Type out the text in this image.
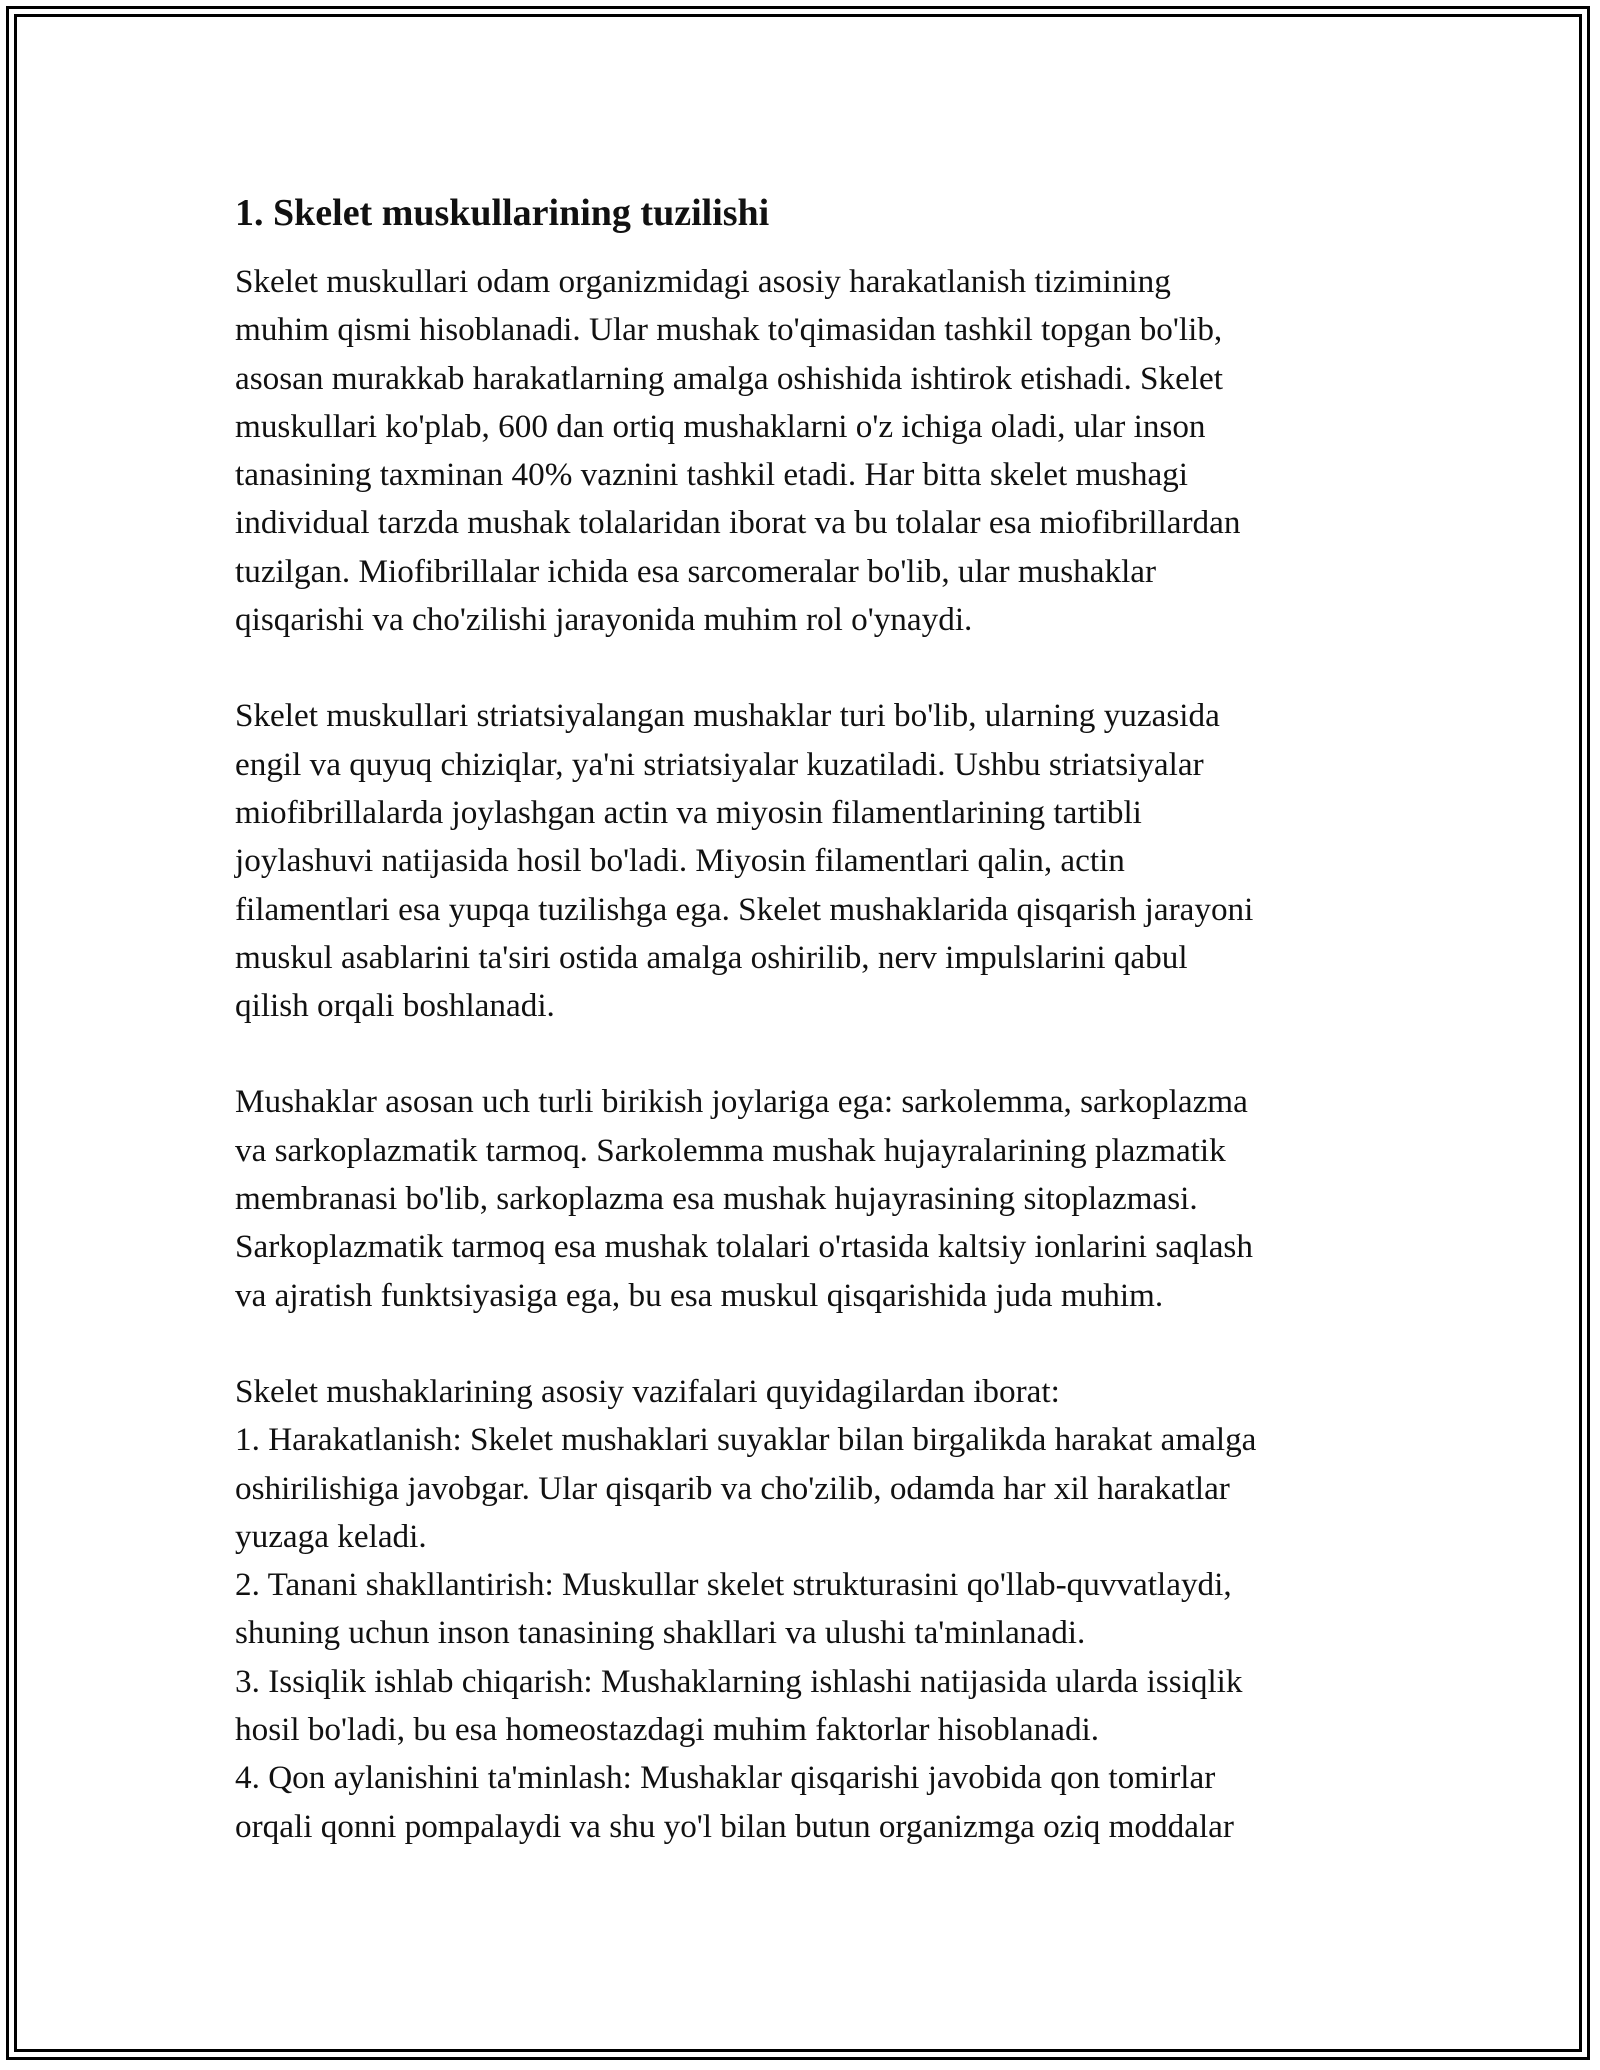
1. Skelet muskullarining tuzilishi

Skelet muskullari odam organizmidagi asosiy harakatlanish tizimining
muhim qismi hisoblanadi. Ular mushak to'qimasidan tashkil topgan bo'lib,
asosan murakkab harakatlarning amalga oshishida ishtirok etishadi. Skelet
muskullari ko'plab, 600 dan ortiq mushaklarni o'z ichiga oladi, ular inson
tanasining taxminan 40% vaznini tashkil etadi. Har bitta skelet mushagi
individual tarzda mushak tolalaridan iborat va bu tolalar esa miofibrillardan
tuzilgan. Miofibrillalar ichida esa sarcomeralar bo'lib, ular mushaklar
qisqarishi va cho'zilishi jarayonida muhim rol o'ynaydi.

Skelet muskullari striatsiyalangan mushaklar turi bo'lib, ularning yuzasida
engil va quyuq chiziqlar, ya'ni striatsiyalar kuzatiladi. Ushbu striatsiyalar
miofibrillalarda joylashgan actin va miyosin filamentlarining tartibli
joylashuvi natijasida hosil bo'ladi. Miyosin filamentlari qalin, actin
filamentlari esa yupqa tuzilishga ega. Skelet mushaklarida qisqarish jarayoni
muskul asablarini ta'siri ostida amalga oshirilib, nerv impulslarini qabul
qilish orqali boshlanadi.

Mushaklar asosan uch turli birikish joylariga ega: sarkolemma, sarkoplazma
va sarkoplazmatik tarmoq. Sarkolemma mushak hujayralarining plazmatik
membranasi bo'lib, sarkoplazma esa mushak hujayrasining sitoplazmasi.
Sarkoplazmatik tarmoq esa mushak tolalari o'rtasida kaltsiy ionlarini saqlash
va ajratish funktsiyasiga ega, bu esa muskul qisqarishida juda muhim.

Skelet mushaklarining asosiy vazifalari quyidagilardan iborat:
1. Harakatlanish: Skelet mushaklari suyaklar bilan birgalikda harakat amalga
oshirilishiga javobgar. Ular qisqarib va cho'zilib, odamda har xil harakatlar
yuzaga keladi.
2. Tanani shakllantirish: Muskullar skelet strukturasini qo'llab-quvvatlaydi,
shuning uchun inson tanasining shakllari va ulushi ta'minlanadi.
3. Issiqlik ishlab chiqarish: Mushaklarning ishlashi natijasida ularda issiqlik
hosil bo'ladi, bu esa homeostazdagi muhim faktorlar hisoblanadi.
4. Qon aylanishini ta'minlash: Mushaklar qisqarishi javobida qon tomirlar
orqali qonni pompalaydi va shu yo'l bilan butun organizmga oziq moddalar
